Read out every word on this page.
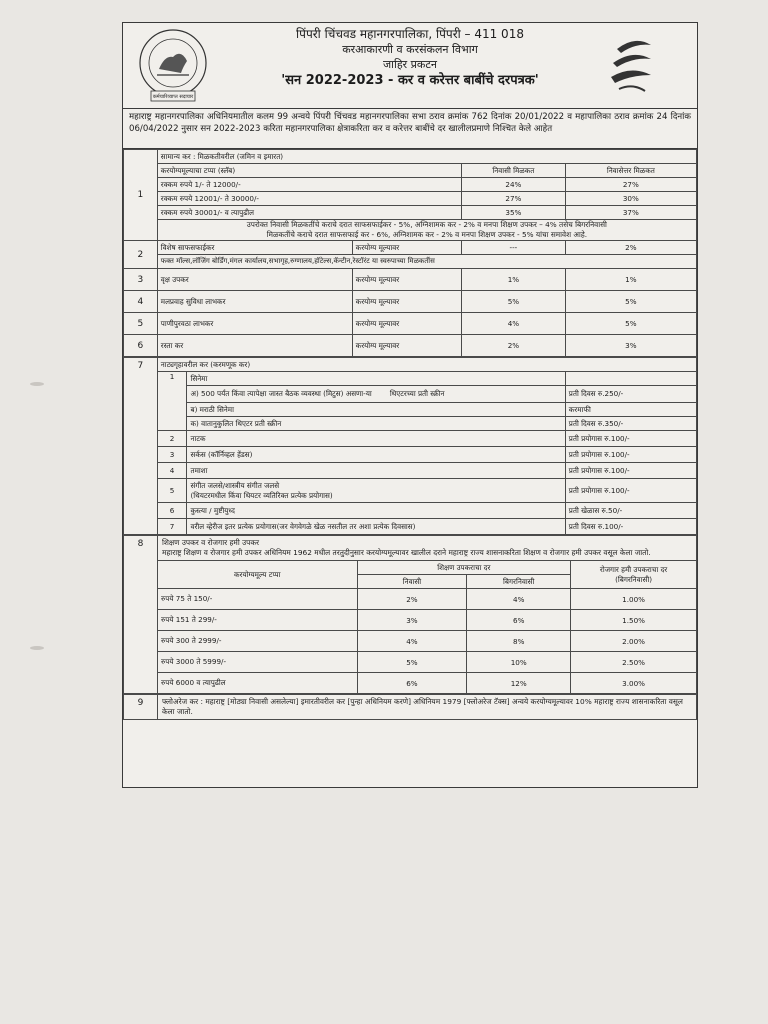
कर्मचारिव्याप्त सदाचार
पिंपरी चिंचवड महानगरपालिका, पिंपरी – 411 018
करआकारणी व करसंकलन विभाग
जाहिर प्रकटन
'सन 2022-2023 - कर व करेत्तर बाबींचे दरपत्रक'
महाराष्ट्र महानगरपालिका अधिनियमातील कलम 99 अन्वये पिंपरी चिंचवड महानगरपालिका सभा ठराव क्रमांक 762 दिनांक 20/01/2022 व महापालिका ठराव क्रमांक 24 दिनांक 06/04/2022 नुसार सन 2022-2023 करिता महानगरपालिका क्षेत्राकरिता कर व करेत्तर बाबींचे दर खालीलप्रमाणे निश्चित केले आहेत
1	सामान्य कर : मिळकतीवरील (जमिन व इमारत)			
	करयोग्यमूल्याचा टप्पा (स्लॅब)		निवासी मिळकत	निवासेत्तर मिळकत
	रक्कम रुपये 1/- ते 12000/-		24%	27%
	रक्कम रुपये 12001/- ते 30000/-		27%	30%
	रक्कम रुपये 30001/- व त्यापुढील		35%	37%

	उपरोक्त निवासी मिळकतींचे कराचे दरात साफसफाईकर - 5%, अग्निशामक कर - 2% व मनपा शिक्षण उपकर – 4% तसेच बिगरनिवासी
मिळकतींचे कराचे दरात साफसफाई कर - 6%, अग्निशामक कर - 2% व मनपा शिक्षण उपकर - 5% यांचा समावेश आहे.			

2	विशेष साफसफाईकर	करयोग्य मूल्यावर	---	2%
	फक्त मॉल्स,लॉजिंग बोर्डिंग,मंगल कार्यालय,सभागृह,रुग्णालय,हॉटेल्स,कॅन्टीन,रेस्टॉरंट या स्वरुपाच्या मिळकतींस			
3	वृक्ष उपकर	करयोग्य मूल्यावर	1%	1%
4	मलप्रवाह सुविधा लाभकर	करयोग्य मूल्यावर	5%	5%
5	पाणीपुरवठा लाभकर	करयोग्य मूल्यावर	4%	5%
6	रस्ता कर	करयोग्य मूल्यावर	2%	3%
7	नाट्यगृहावरील कर (करमणूक कर)			
	1	सिनेमा		
		अ) 500 पर्यंत किंवा त्यापेक्षा जास्त बैठक व्यवस्था (मिटुस) असणा-या	थिएटरच्या प्रती स्क्रीन	प्रती दिवस रु.250/-
		ब) मराठी सिनेमा		करमाफी
		क) वातानुकुलित थिएटर प्रती स्क्रीन		प्रती दिवस रु.350/-
	2	नाटक		प्रती प्रयोगास रु.100/-
	3	सर्कस (कॉर्निव्हल हेंडस)		प्रती प्रयोगास रु.100/-
	4	तमाशा		प्रती प्रयोगास रु.100/-
	5	संगीत जलसे/शास्त्रीय संगीत जलसे
(थियटरमधील किंवा थियटर व्यतिरिक्त प्रत्येक प्रयोगास)		प्रती प्रयोगास रु.100/-
	6	कुस्त्या / मुष्टीयुध्द		प्रती खेळास रु.50/-
	7	वरील व्हेरीज इतर प्रत्येक प्रयोगास(जर वेगवेगळे खेळ नसतील तर अशा प्रत्येक दिवसास)		प्रती दिवस रु.100/-
8	शिक्षण उपकर व रोजगार हमी उपकर
महाराष्ट्र शिक्षण व रोजगार हमी उपकर अधिनियम 1962 मधील तरतुदीनुसार करयोग्यमूल्यावर खालील दराने महाराष्ट्र राज्य शासनाकरिता शिक्षण व रोजगार हमी उपकर वसूल केला जातो.			

	करयोग्यमूल्य टप्पा	शिक्षण उपकराचा दर		रोजगार हमी उपकराचा दर
(बिगरनिवासी)

		निवासी	बिगरनिवासी	
	रुपये 75 ते 150/-	2%	4%	1.00%
	रुपये 151 ते 299/-	3%	6%	1.50%
	रुपये 300 ते 2999/-	4%	8%	2.00%
	रुपये 3000 ते 5999/-	5%	10%	2.50%
	रुपये 6000 व त्यापुढील	6%	12%	3.00%
9	फ्लोअरेज कर : महाराष्ट्र [मोठ्या निवासी असलेल्या] इमारतीवरील कर [पुन्हा अधिनियम करणे] अधिनियम 1979 [फ्लोअरेज टॅक्स] अन्वये करयोग्यमूल्यावर 10% महाराष्ट्र राज्य शासनाकरिता वसूल केला जातो.
